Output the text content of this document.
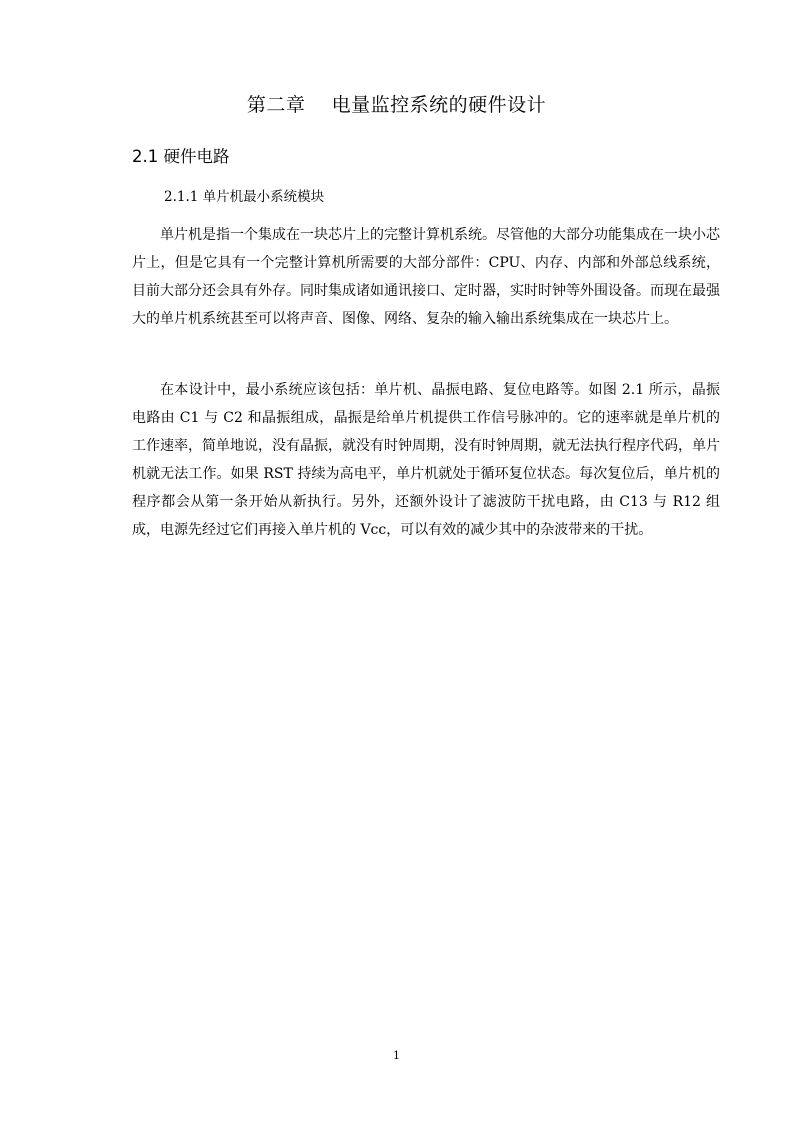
第二章    电量监控系统的硬件设计
2.1 硬件电路
2.1.1 单片机最小系统模块

单片机是指一个集成在一块芯片上的完整计算机系统。尽管他的大部分功能集成在一块小芯片上，但是它具有一个完整计算机所需要的大部分部件：CPU、内存、内部和外部总线系统，目前大部分还会具有外存。同时集成诸如通讯接口、定时器，实时时钟等外围设备。而现在最强大的单片机系统甚至可以将声音、图像、网络、复杂的输入输出系统集成在一块芯片上。

在本设计中，最小系统应该包括：单片机、晶振电路、复位电路等。如图 2.1 所示，晶振电路由 C1 与 C2 和晶振组成，晶振是给单片机提供工作信号脉冲的。它的速率就是单片机的工作速率，简单地说，没有晶振，就没有时钟周期，没有时钟周期，就无法执行程序代码，单片机就无法工作。如果 RST 持续为高电平，单片机就处于循环复位状态。每次复位后，单片机的程序都会从第一条开始从新执行。另外，还额外设计了滤波防干扰电路，由 C13 与 R12 组成，电源先经过它们再接入单片机的 Vcc，可以有效的减少其中的杂波带来的干扰。

1
